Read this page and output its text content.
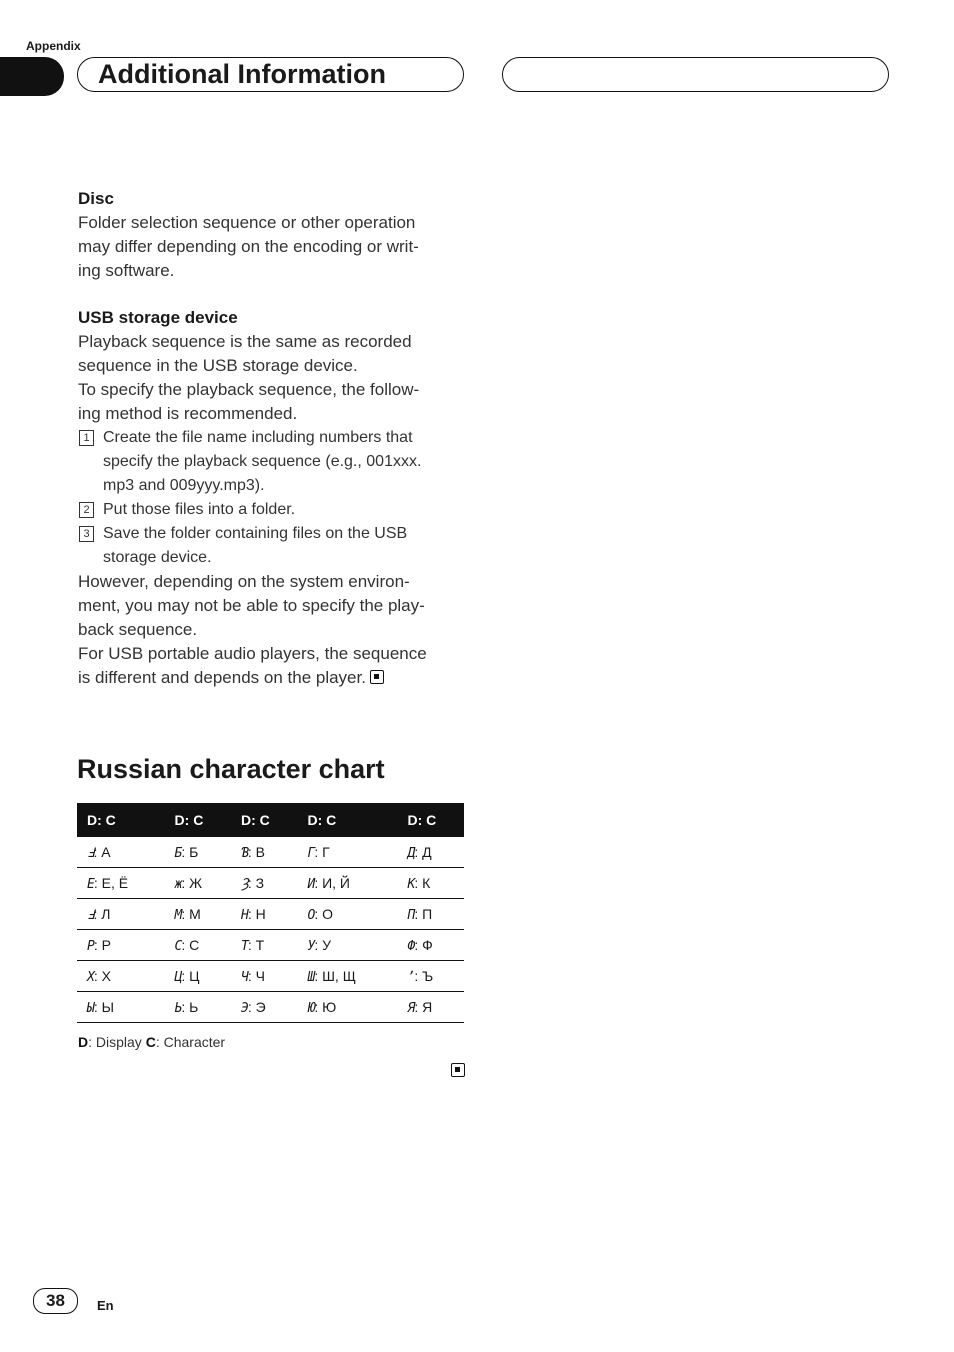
Appendix
Additional Information

Disc

Folder selection sequence or other operation

may differ depending on the encoding or writ-

ing software.

USB storage device

Playback sequence is the same as recorded

sequence in the USB storage device.

To specify the playback sequence, the follow-

ing method is recommended.

1 Create the file name including numbers that
specify the playback sequence (e.g., 001xxx.
mp3 and 009yyy.mp3).
2 Put those files into a folder.
3 Save the folder containing files on the USB
storage device.

However, depending on the system environ-

ment, you may not be able to specify the play-

back sequence.

For USB portable audio players, the sequence

is different and depends on the player.

Russian character chart
D: C	D: C	D: C	D: C	D: C
Ⅎ: А	Б: Б	Ɓ: В	Г: Г	Д: Д
Ε: Е, Ё	ж: Ж	Ȝ: З	И: И, Й	К: К
Ⅎ: Л	М: М	Н: Н	О: О	П: П
Р: Р	С: С	Т: Т	У: У	Ф: Ф
Х: Х	Ц: Ц	Ч: Ч	Ш: Ш, Щ	ʼ: Ъ
Ы: Ы	Ь: Ь	Э: Э	Ю: Ю	Я: Я
D: Display C: Character
38	En
